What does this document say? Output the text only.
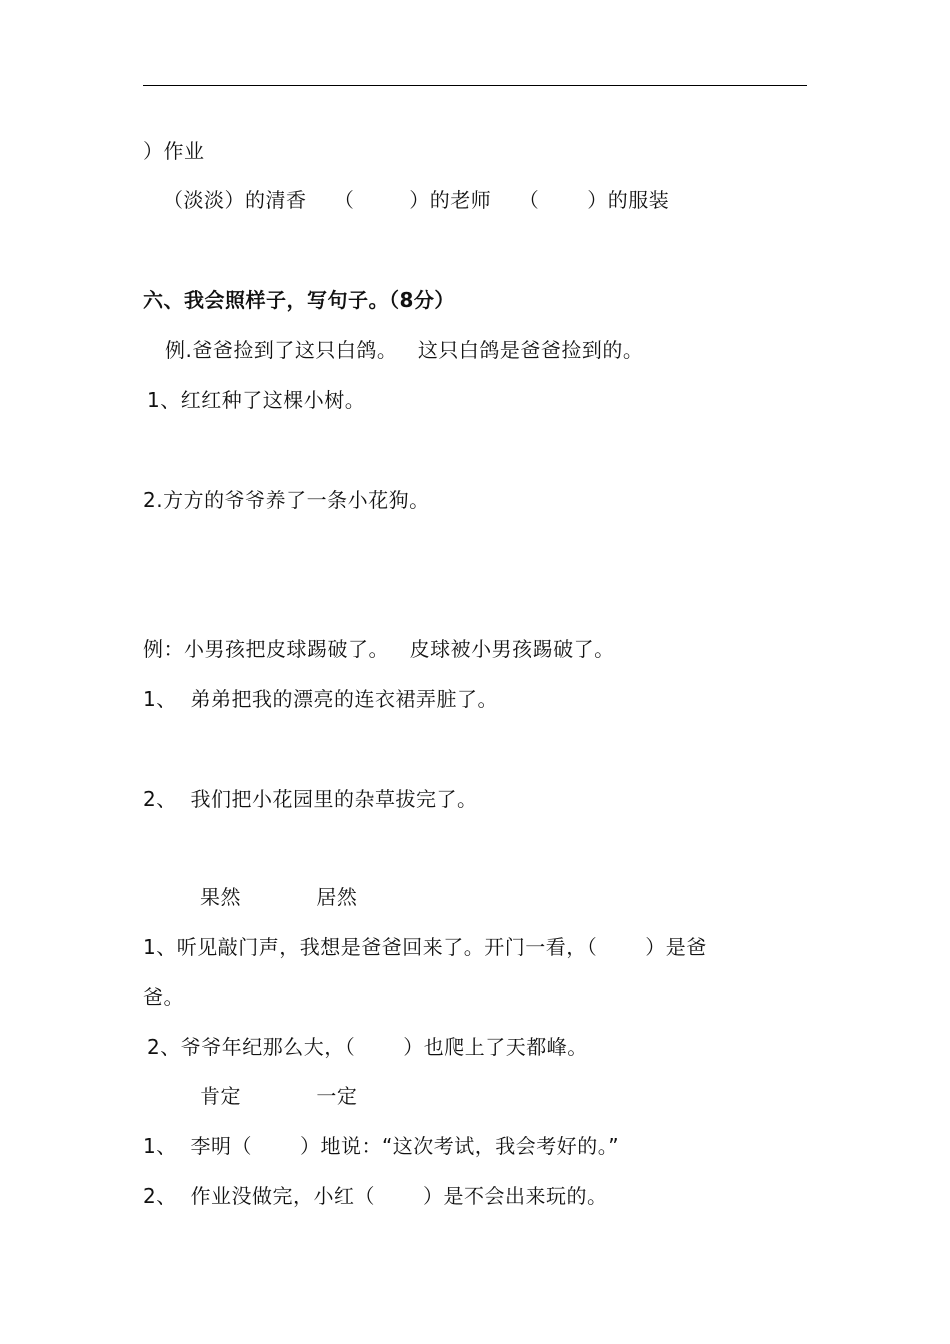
）作业
（淡淡）的清香    （        ）的老师    （       ）的服装
六、我会照样子，写句子。（8分）
例.爸爸捡到了这只白鸽。   这只白鸽是爸爸捡到的。
1、红红种了这棵小树。
2.方方的爷爷养了一条小花狗。
例：小男孩把皮球踢破了。   皮球被小男孩踢破了。
1、  弟弟把我的漂亮的连衣裙弄脏了。
2、  我们把小花园里的杂草拔完了。
果然           居然
1、听见敲门声，我想是爸爸回来了。开门一看，（       ）是爸
爸。
2、爷爷年纪那么大，（       ）也爬上了天都峰。
肯定           一定
1、  李明（       ）地说：“这次考试，我会考好的。”
2、  作业没做完，小红（       ）是不会出来玩的。
